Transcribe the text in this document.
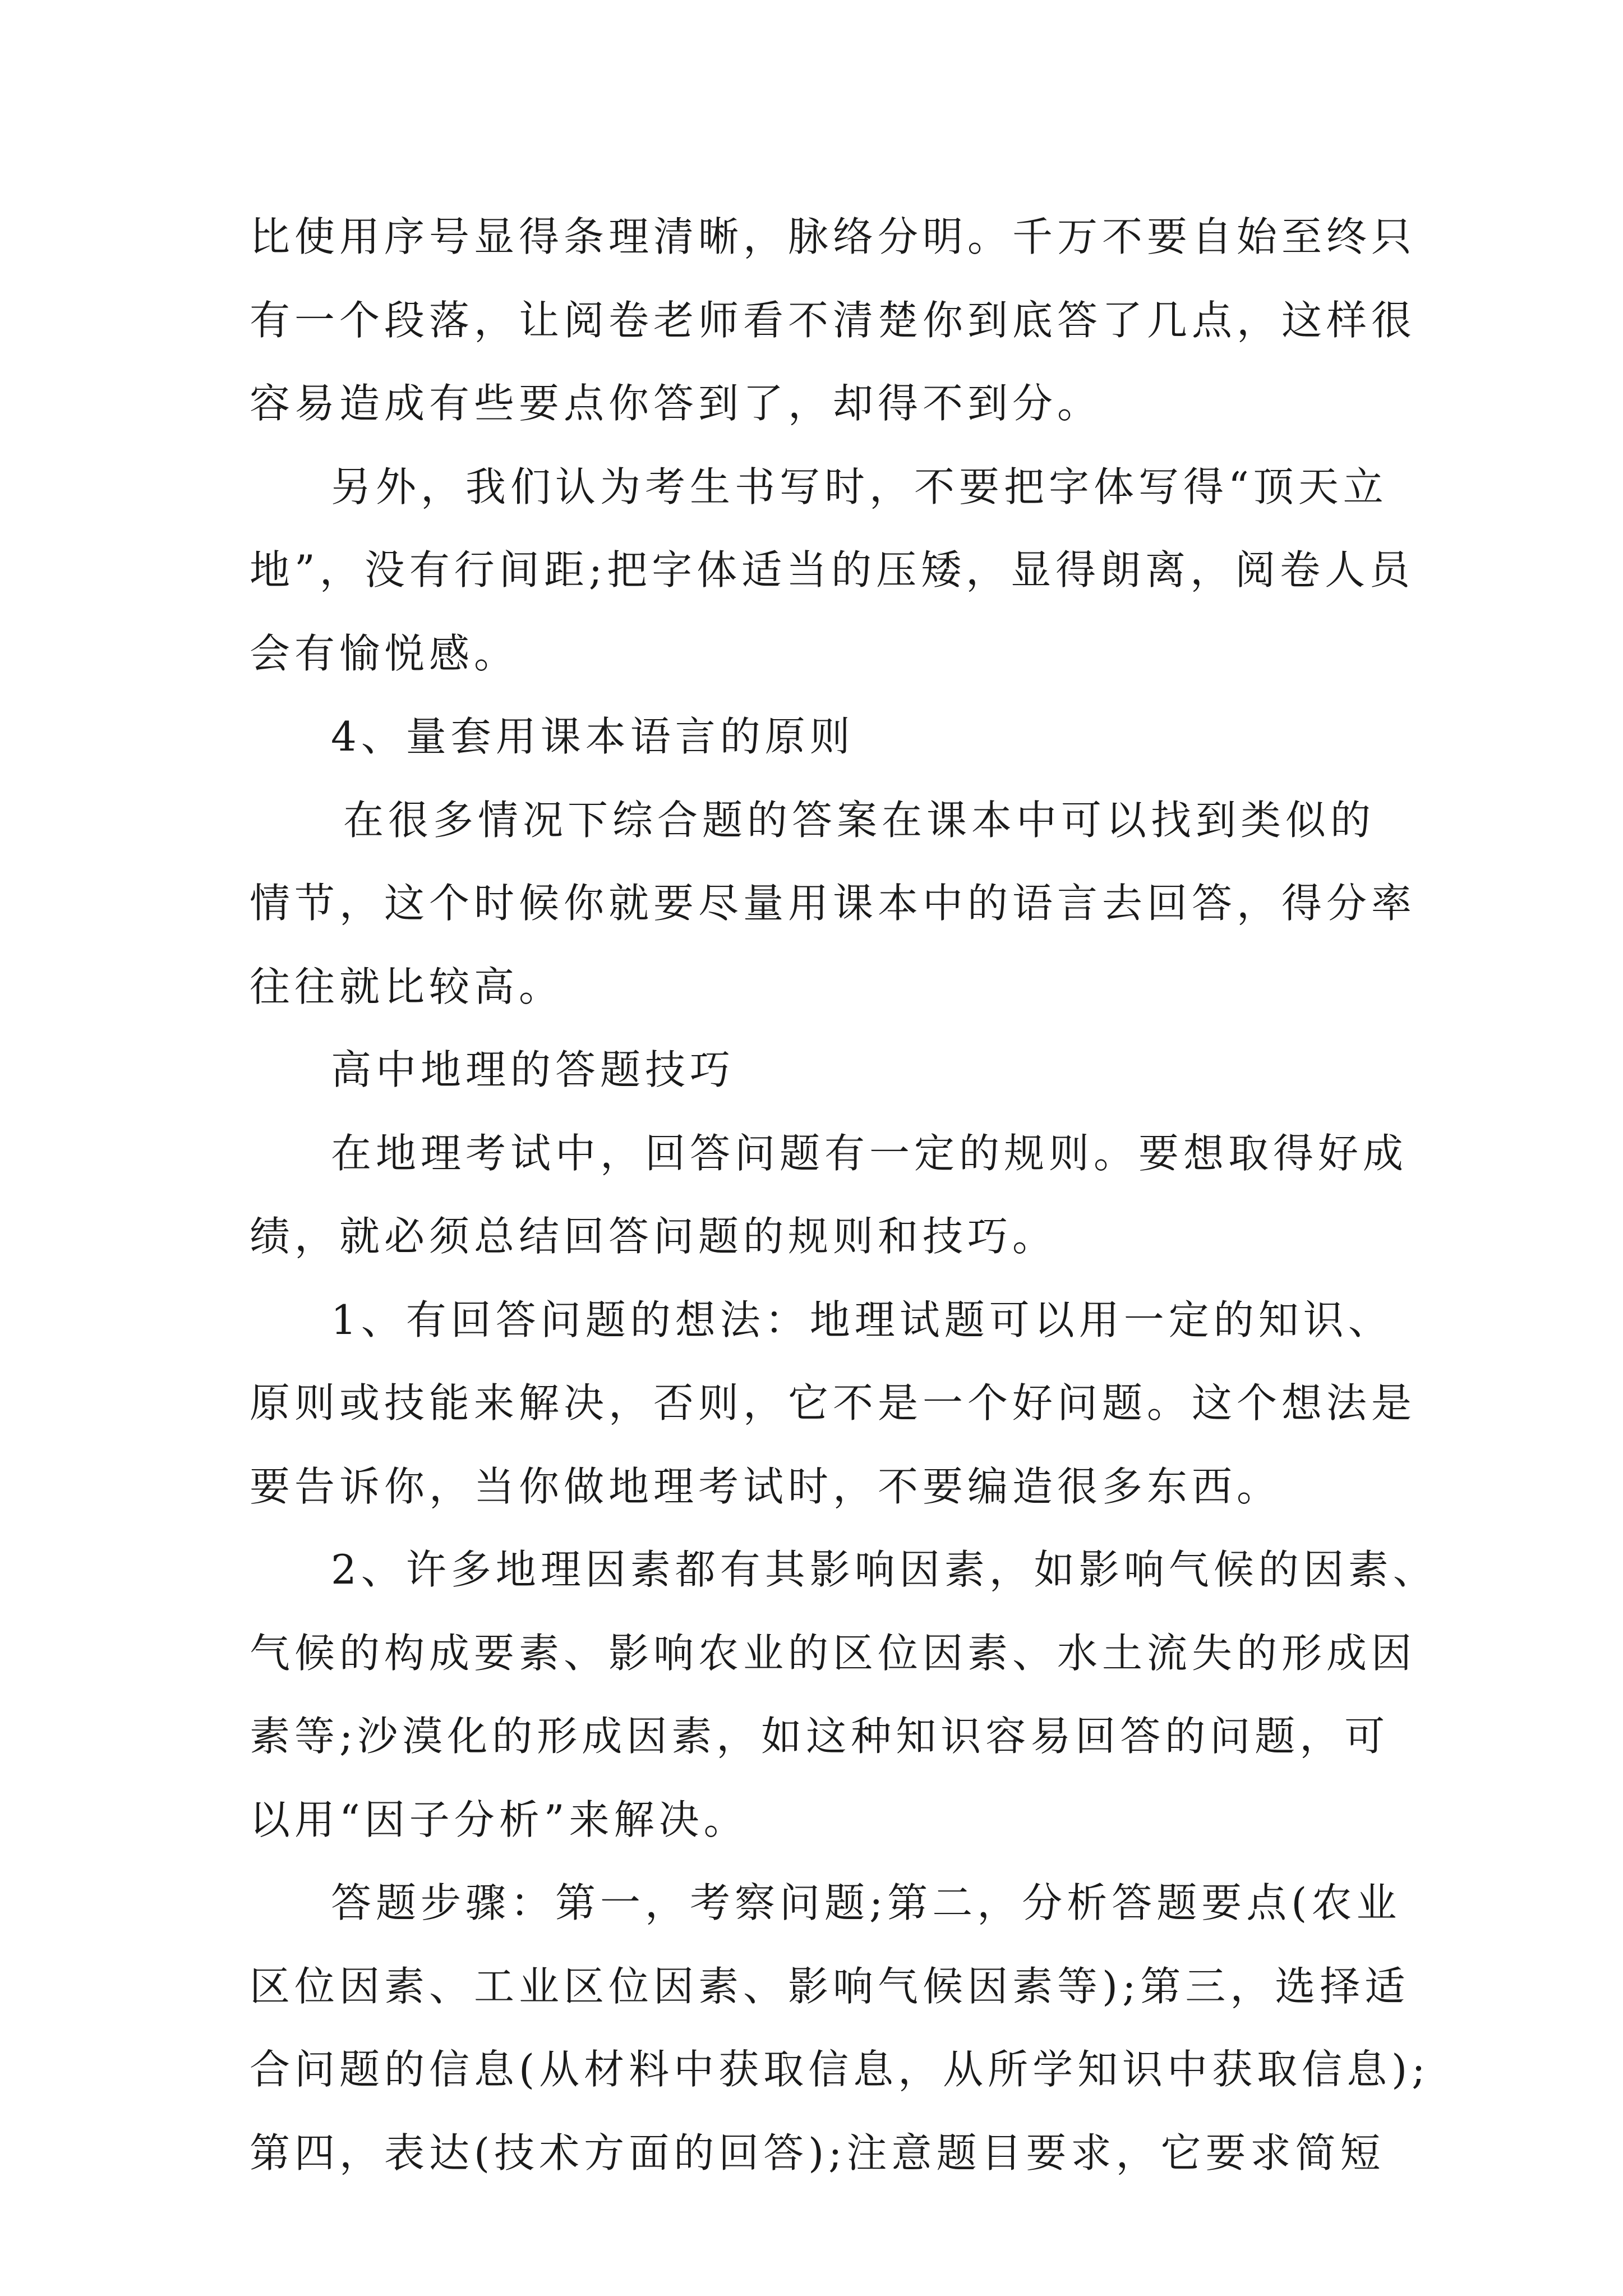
比使用序号显得条理清晰，脉络分明。千万不要自始至终只
有一个段落，让阅卷老师看不清楚你到底答了几点，这样很
容易造成有些要点你答到了，却得不到分。
另外，我们认为考生书写时，不要把字体写得“顶天立
地”，没有行间距;把字体适当的压矮，显得朗离，阅卷人员
会有愉悦感。
4、量套用课本语言的原则
在很多情况下综合题的答案在课本中可以找到类似的
情节，这个时候你就要尽量用课本中的语言去回答，得分率
往往就比较高。
高中地理的答题技巧
在地理考试中，回答问题有一定的规则。要想取得好成
绩，就必须总结回答问题的规则和技巧。
1、有回答问题的想法：地理试题可以用一定的知识、
原则或技能来解决，否则，它不是一个好问题。这个想法是
要告诉你，当你做地理考试时，不要编造很多东西。
2、许多地理因素都有其影响因素，如影响气候的因素、
气候的构成要素、影响农业的区位因素、水土流失的形成因
素等;沙漠化的形成因素，如这种知识容易回答的问题，可
以用“因子分析”来解决。
答题步骤：第一，考察问题;第二，分析答题要点(农业
区位因素、工业区位因素、影响气候因素等);第三，选择适
合问题的信息(从材料中获取信息，从所学知识中获取信息);
第四，表达(技术方面的回答);注意题目要求，它要求简短
